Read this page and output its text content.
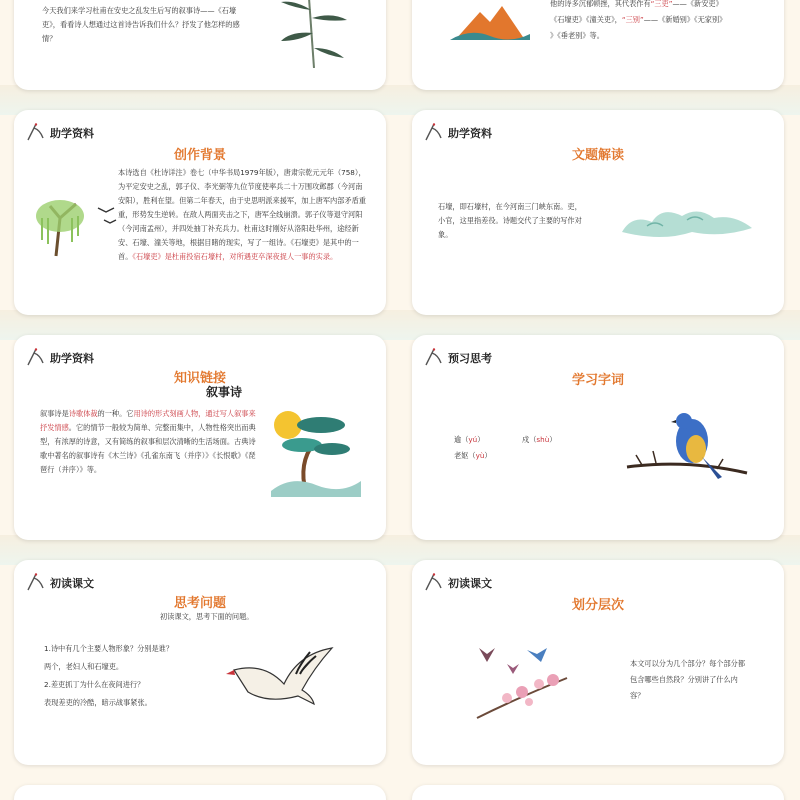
今天我们来学习杜甫在安史之乱发生后写的叙事诗——《石壕吏》，看看诗人想通过这首诗告诉我们什么？抒发了他怎样的感情？
他的诗多沉郁顿挫，其代表作有“三吏”——《新安吏》
《石壕吏》《潼关吏》，“三别”——《新婚别》《无家别》
》《垂老别》等。
助学资料
创作背景
本诗选自《杜诗详注》卷七（中华书局1979年版），唐肃宗乾元元年（758），为平定安史之乱，郭子仪、李光弼等九位节度使率兵二十万围攻邺郡（今河南安阳），胜利在望。但第二年春天，由于史思明派来援军，加上唐军内部矛盾重重，形势发生逆转。在敌人两面夹击之下，唐军全线崩溃。郭子仪等退守河阳（今河南孟州），并四处抽丁补充兵力。杜甫这时刚好从洛阳赴华州，途经新安、石壕、潼关等地，根据目睹的现实，写了一组诗。《石壕吏》是其中的一首。《石壕吏》是杜甫投宿石壕村，对所遇吏卒深夜捉人一事的实录。
助学资料
文题解读
石壕，即石壕村，在今河南三门峡东南。吏，小官，这里指差役。诗题交代了主要的写作对象。
助学资料
知识链接
叙事诗
叙事诗是诗歌体裁的一种。它用诗的形式刻画人物，通过写人叙事来抒发情感。它的情节一般较为简单、完整而集中，人物性格突出而典型，有浓厚的诗意，又有简练的叙事和层次清晰的生活场面。古典诗歌中著名的叙事诗有《木兰诗》《孔雀东南飞（并序）》《长恨歌》《琵琶行（并序）》等。
预习思考
学习字词
逾（yú）	戍（shù）
老妪（yù）
初读课文
思考问题
初读课文，思考下面的问题。
1.诗中有几个主要人物形象？分别是谁？
两个，老妇人和石壕吏。
2.差吏抓丁为什么在夜间进行？
表现差吏的冷酷，暗示战事紧张。
初读课文
划分层次
本文可以分为几个部分？每个部分都包含哪些自然段？分别讲了什么内容？
